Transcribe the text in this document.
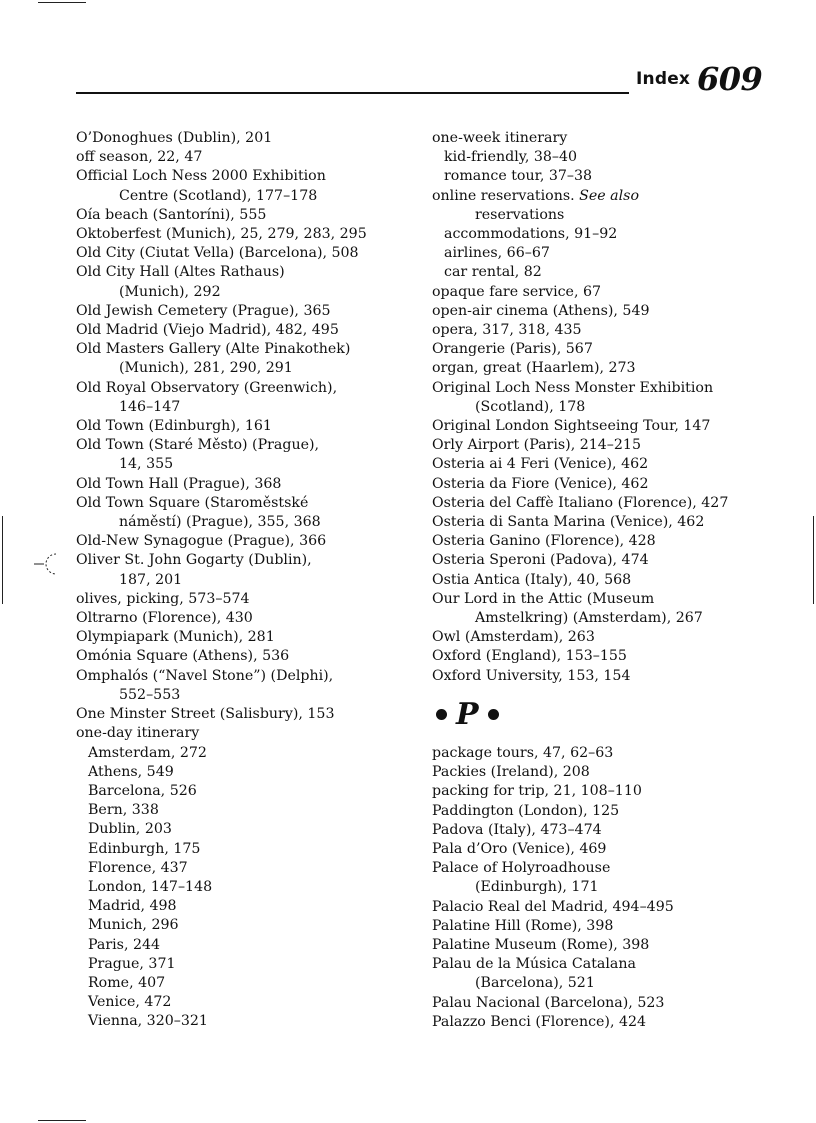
Index 609
O’Donoghues (Dublin), 201
off season, 22, 47
Official Loch Ness 2000 Exhibition
Centre (Scotland), 177–178
Oía beach (Santoríni), 555
Oktoberfest (Munich), 25, 279, 283, 295
Old City (Ciutat Vella) (Barcelona), 508
Old City Hall (Altes Rathaus)
(Munich), 292
Old Jewish Cemetery (Prague), 365
Old Madrid (Viejo Madrid), 482, 495
Old Masters Gallery (Alte Pinakothek)
(Munich), 281, 290, 291
Old Royal Observatory (Greenwich),
146–147
Old Town (Edinburgh), 161
Old Town (Staré Město) (Prague),
14, 355
Old Town Hall (Prague), 368
Old Town Square (Staroměstské
náměstí) (Prague), 355, 368
Old-New Synagogue (Prague), 366
Oliver St. John Gogarty (Dublin),
187, 201
olives, picking, 573–574
Oltrarno (Florence), 430
Olympiapark (Munich), 281
Omónia Square (Athens), 536
Omphalós (“Navel Stone”) (Delphi),
552–553
One Minster Street (Salisbury), 153
one-day itinerary
Amsterdam, 272
Athens, 549
Barcelona, 526
Bern, 338
Dublin, 203
Edinburgh, 175
Florence, 437
London, 147–148
Madrid, 498
Munich, 296
Paris, 244
Prague, 371
Rome, 407
Venice, 472
Vienna, 320–321
one-week itinerary
kid-friendly, 38–40
romance tour, 37–38
online reservations. See also
reservations
accommodations, 91–92
airlines, 66–67
car rental, 82
opaque fare service, 67
open-air cinema (Athens), 549
opera, 317, 318, 435
Orangerie (Paris), 567
organ, great (Haarlem), 273
Original Loch Ness Monster Exhibition
(Scotland), 178
Original London Sightseeing Tour, 147
Orly Airport (Paris), 214–215
Osteria ai 4 Feri (Venice), 462
Osteria da Fiore (Venice), 462
Osteria del Caffè Italiano (Florence), 427
Osteria di Santa Marina (Venice), 462
Osteria Ganino (Florence), 428
Osteria Speroni (Padova), 474
Ostia Antica (Italy), 40, 568
Our Lord in the Attic (Museum
Amstelkring) (Amsterdam), 267
Owl (Amsterdam), 263
Oxford (England), 153–155
Oxford University, 153, 154
P
package tours, 47, 62–63
Packies (Ireland), 208
packing for trip, 21, 108–110
Paddington (London), 125
Padova (Italy), 473–474
Pala d’Oro (Venice), 469
Palace of Holyroadhouse
(Edinburgh), 171
Palacio Real del Madrid, 494–495
Palatine Hill (Rome), 398
Palatine Museum (Rome), 398
Palau de la Música Catalana
(Barcelona), 521
Palau Nacional (Barcelona), 523
Palazzo Benci (Florence), 424
